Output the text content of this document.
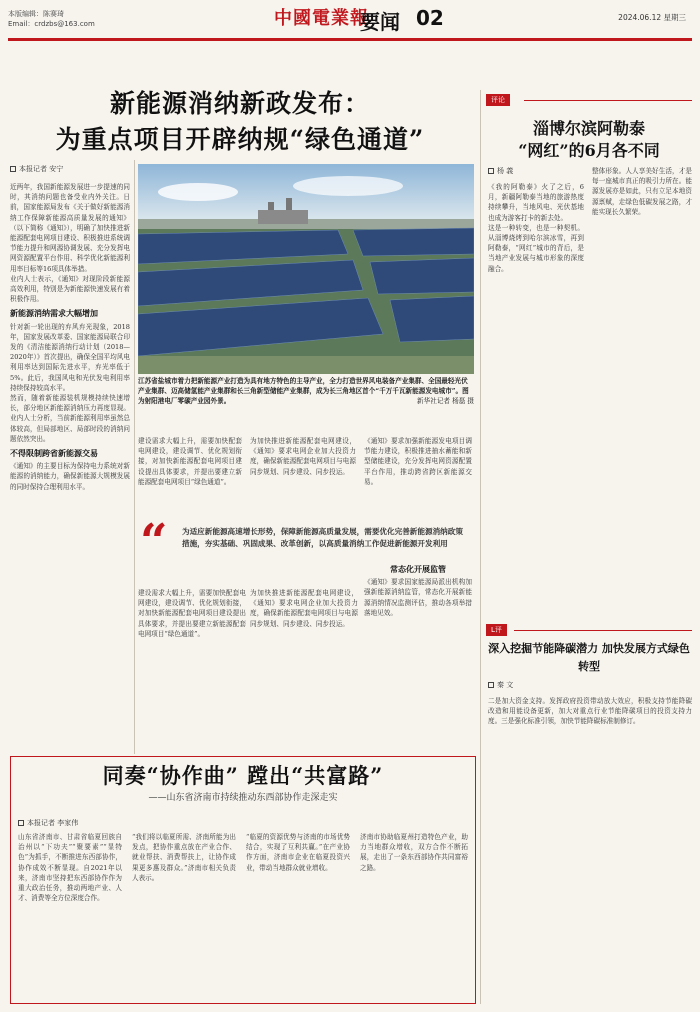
本版编辑：陈赛琦
Email：crdzbs@163.com	中國電業報
要闻 02	2024.06.12 星期三
新能源消纳新政发布：
为重点项目开辟纳规“绿色通道”
本报记者 安宁

近两年，我国新能源发展进一步提速的同时，其消纳问题也备受业内外关注。日前，国家能源局发布《关于做好新能源消纳工作保障新能源高质量发展的通知》（以下简称《通知》），明确了加快推进新能源配套电网项目建设、积极推进系统调节能力提升和网源协调发展、充分发挥电网资源配置平台作用、科学优化新能源利用率目标等16项具体举措。

业内人士表示，《通知》对现阶段新能源高效利用，特别是为新能源快速发展有着积极作用。

新能源消纳需求大幅增加

针对新一轮出现的弃风弃光现象，2018年，国家发展改革委、国家能源局联合印发的《清洁能源消纳行动计划（2018—2020年）》首次提出，确保全国平均风电利用率达到国际先进水平，弃光率低于5%。此后，我国风电和光伏发电利用率持续保持较高水平。

然而，随着新能源装机规模持续快速增长，部分地区新能源消纳压力再度显现。业内人士分析，当前新能源利用率虽然总体较高，但局部地区、局部时段的消纳问题依然突出。

不得限制跨省新能源交易

《通知》的主要目标为保持电力系统对新能源的消纳能力，确保新能源大规模发展的同时保持合理利用水平。

江苏省盐城市着力把新能源产业打造为具有地方特色的主导产业，全力打造世界风电装备产业集群、全国最轻光伏产业集群、迈高储氢能产业集群和长三角新型储能产业集群，成为长三角地区首个“千万千瓦新能源发电城市”。图为射阳港电厂零碳产业园外景。	新华社记者 杨磊 摄

建设需求大幅上升，需要加快配套电网建设，建设调节、优化规划衔接，对加快新能源配套电网项目建设提出具体要求，并提出要建立新能源配套电网项目“绿色通道”。

为加快推进新能源配套电网建设，《通知》要求电网企业加大投资力度，确保新能源配套电网项目与电源同步规划、同步建设、同步投运。

《通知》要求加强新能源发电项目调节能力建设，积极推进抽水蓄能和新型储能建设，充分发挥电网资源配置平台作用，推动跨省跨区新能源交易。

“ 为适应新能源高速增长形势，保障新能源高质量发展，需要优化完善新能源消纳政策措施，夯实基础、巩固成果、改革创新，以高质量消纳工作促进新能源开发利用

建设需求大幅上升，需要加快配套电网建设，建设调节、优化规划衔接，对加快新能源配套电网项目建设提出具体要求，并提出要建立新能源配套电网项目“绿色通道”。

为加快推进新能源配套电网建设，《通知》要求电网企业加大投资力度，确保新能源配套电网项目与电源同步规划、同步建设、同步投运。

常态化开展监管

《通知》要求国家能源局派出机构加强新能源消纳监管，常态化开展新能源消纳情况监测评估，推动各项举措落地见效。

评论
淄博尔滨阿勒泰
“网红”的6月各不同
杨 義

《我的阿勒泰》火了之后，6月，新疆阿勒泰当地的旅游热度持续攀升，当地风电、光伏基地也成为游客打卡的新去处。

这是一种转变，也是一种契机。从淄博烧烤到哈尔滨冰雪，再到阿勒泰，“网红”城市的背后，是当地产业发展与城市形象的深度融合。

整体形象。人人享美好生活，才是每一座城市真正的吸引力所在。能源发展亦是如此，只有立足本地资源禀赋，走绿色低碳发展之路，才能实现长久繁荣。

L评
深入挖掘节能降碳潜力 加快发展方式绿色转型
秦 文

二是加大资金支持。发挥政府投资带动放大效应，积极支持节能降碳改造和用能设备更新，加大对重点行业节能降碳项目的投资支持力度。三是强化标准引领，加快节能降碳标准制修订。

同奏“协作曲” 蹚出“共富路”
——山东省济南市持续推动东西部协作走深走实
本报记者 李家伟

山东省济南市、甘肃省临夏回族自治州以“下功夫”“聚要素”“显特色”为抓手，不断推进东西部协作，协作成效不断显现。自2021年以来，济南市坚持把东西部协作作为重大政治任务，推动两地产业、人才、消费等全方位深度合作。

“我们将以临夏所需、济南所能为出发点，把协作重点放在产业合作、就业帮扶、消费帮扶上，让协作成果更多惠及群众。”济南市相关负责人表示。

“临夏的资源优势与济南的市场优势结合，实现了互利共赢。”在产业协作方面，济南市企业在临夏投资兴业，带动当地群众就业增收。

济南市协助临夏州打造特色产业，助力当地群众增收，双方合作不断拓展，走出了一条东西部协作共同富裕之路。
